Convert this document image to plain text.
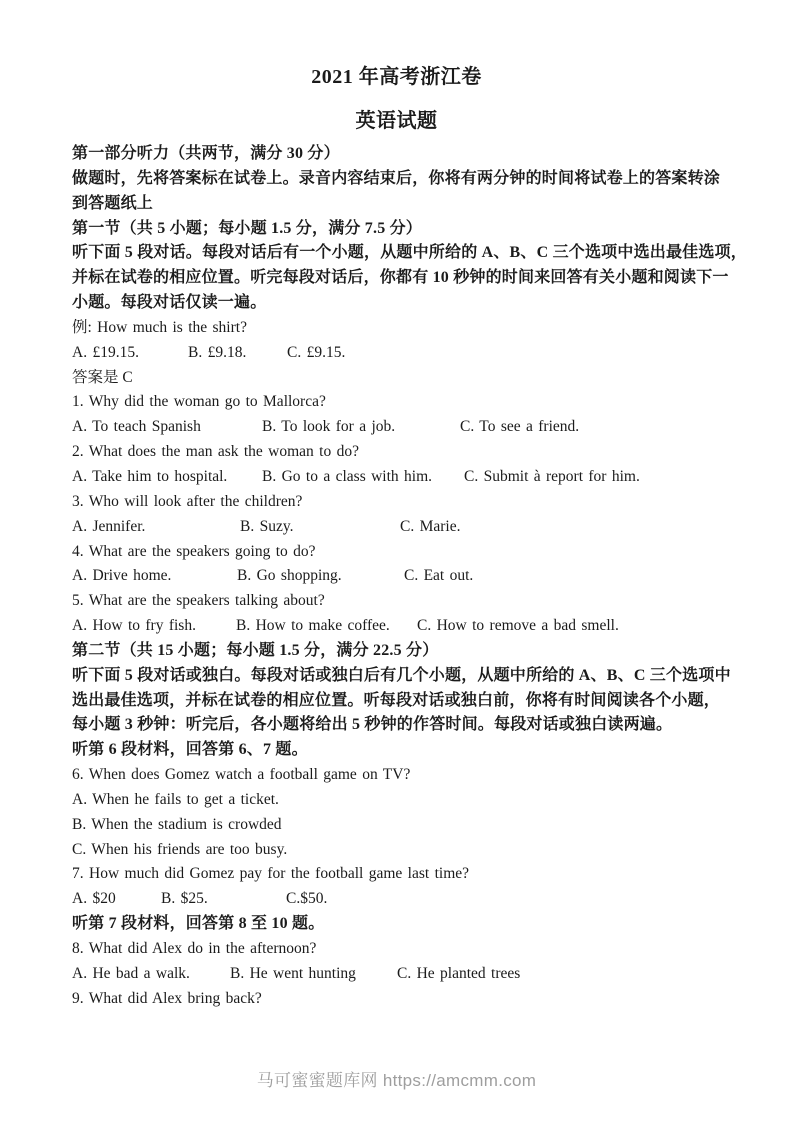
2021 年高考浙江卷
英语试题
第一部分听力（共两节，满分 30 分）
做题时，先将答案标在试卷上。录音内容结束后，你将有两分钟的时间将试卷上的答案转涂
到答题纸上
第一节（共 5 小题；每小题 1.5 分，满分 7.5 分）
听下面 5 段对话。每段对话后有一个小题，从题中所给的 A、B、C 三个选项中选出最佳选项，
并标在试卷的相应位置。听完每段对话后，你都有 10 秒钟的时间来回答有关小题和阅读下一
小题。每段对话仅读一遍。
例: How much is the shirt?
A. £19.15.	B. £9.18.	C. £9.15.
答案是 C
1. Why did the woman go to Mallorca?
A. To teach Spanish	B. To look for a job.	C. To see a friend.
2. What does the man ask the woman to do?
A. Take him to hospital. B. Go to a class with him. C. Submit à report for him.
3. Who will look after the children?
A. Jennifer.	B. Suzy.	C. Marie.
4. What are the speakers going to do?
A. Drive home.	B. Go shopping.	C. Eat out.
5. What are the speakers talking about?
A. How to fry fish.	B. How to make coffee. C. How to remove a bad smell.
第二节（共 15 小题；每小题 1.5 分，满分 22.5 分）
听下面 5 段对话或独白。每段对话或独白后有几个小题，从题中所给的 A、B、C 三个选项中
选出最佳选项，并标在试卷的相应位置。听每段对话或独白前，你将有时间阅读各个小题，
每小题 3 秒钟：听完后，各小题将给出 5 秒钟的作答时间。每段对话或独白读两遍。
听第 6 段材料，回答第 6、7 题。
6. When does Gomez watch a football game on TV?
A. When he fails to get a ticket.
B. When the stadium is crowded
C. When his friends are too busy.
7. How much did Gomez pay for the football game last time?
A. $20	B. $25.	C.$50.
听第 7 段材料，回答第 8 至 10 题。
8. What did Alex do in the afternoon?
A. He bad a walk.	B. He went hunting	C. He planted trees
9. What did Alex bring back?
马可蜜蜜题库网 https://amcmm.com
